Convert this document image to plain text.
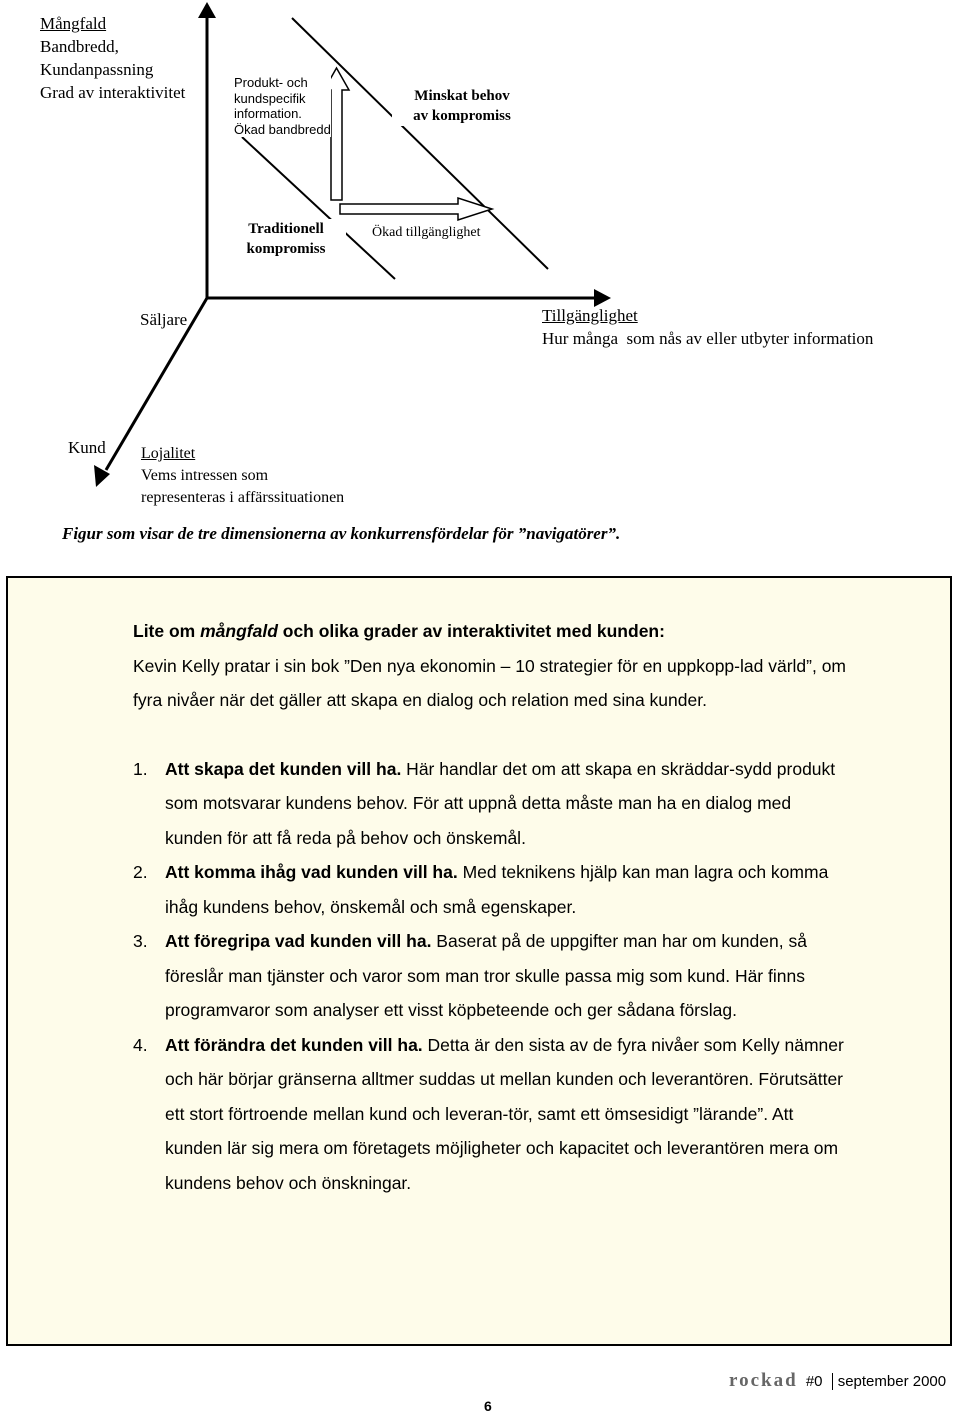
Mångfald
Bandbredd,
Kundanpassning
Grad av interaktivitet
Produkt- och
kundspecifik
information.
Ökad bandbredd
Minskat behov
av kompromiss
Traditionell
kompromiss
Ökad tillgänglighet
Säljare	Tillgänglighet
Hur många  som nås av eller utbyter information
Kund Lojalitet
Vems intressen som
representeras i affärssituationen
Figur som visar de tre dimensionerna av konkurrensfördelar för ”navigatörer”.

Lite om mångfald och olika grader av interaktivitet med kunden:

Kevin Kelly pratar i sin bok ”Den nya ekonomin – 10 strategier för en uppkopp-lad värld”, om fyra nivåer när det gäller att skapa en dialog och relation med sina kunder.

1. Att skapa det kunden vill ha. Här handlar det om att skapa en skräddar-sydd produkt som motsvarar kundens behov. För att uppnå detta måste man ha en dialog med kunden för att få reda på behov och önskemål.
2. Att komma ihåg vad kunden vill ha. Med teknikens hjälp kan man lagra och komma ihåg kundens behov, önskemål och små egenskaper.
3. Att föregripa vad kunden vill ha. Baserat på de uppgifter man har om kunden, så föreslår man tjänster och varor som man tror skulle passa mig som kund. Här finns programvaror som analyser ett visst köpbeteende och ger sådana förslag.
4. Att förändra det kunden vill ha. Detta är den sista av de fyra nivåer som Kelly nämner och här börjar gränserna alltmer suddas ut mellan kunden och leverantören. Förutsätter ett stort förtroende mellan kund och leveran-tör, samt ett ömsesidigt ”lärande”. Att kunden lär sig mera om företagets möjligheter och kapacitet och leverantören mera om kundens behov och önskningar.
6
rockad #0 september 2000
